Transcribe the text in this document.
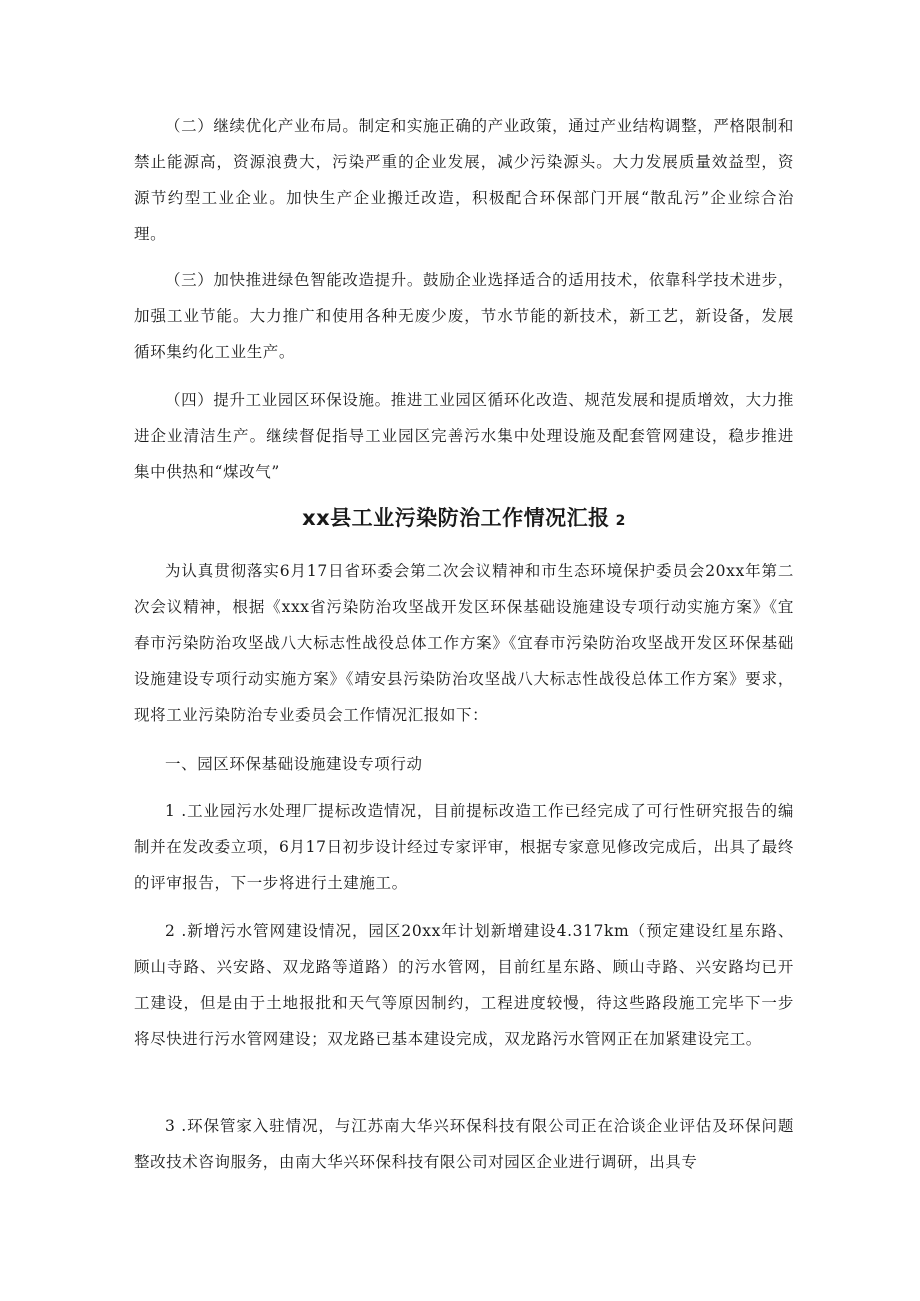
（二）继续优化产业布局。制定和实施正确的产业政策，通过产业结构调整，严格限制和禁止能源高，资源浪费大，污染严重的企业发展，减少污染源头。大力发展质量效益型，资源节约型工业企业。加快生产企业搬迁改造，积极配合环保部门开展“散乱污”企业综合治理。

（三）加快推进绿色智能改造提升。鼓励企业选择适合的适用技术，依靠科学技术进步，加强工业节能。大力推广和使用各种无废少废，节水节能的新技术，新工艺，新设备，发展循环集约化工业生产。

（四）提升工业园区环保设施。推进工业园区循环化改造、规范发展和提质增效，大力推进企业清洁生产。继续督促指导工业园区完善污水集中处理设施及配套管网建设，稳步推进集中供热和“煤改气”

xx县工业污染防治工作情况汇报 2

为认真贯彻落实6月17日省环委会第二次会议精神和市生态环境保护委员会20xx年第二次会议精神，根据《xxx省污染防治攻坚战开发区环保基础设施建设专项行动实施方案》《宜春市污染防治攻坚战八大标志性战役总体工作方案》《宜春市污染防治攻坚战开发区环保基础设施建设专项行动实施方案》《靖安县污染防治攻坚战八大标志性战役总体工作方案》要求，现将工业污染防治专业委员会工作情况汇报如下：

一、园区环保基础设施建设专项行动

1 .工业园污水处理厂提标改造情况，目前提标改造工作已经完成了可行性研究报告的编制并在发改委立项，6月17日初步设计经过专家评审，根据专家意见修改完成后，出具了最终的评审报告，下一步将进行土建施工。

2 .新增污水管网建设情况，园区20xx年计划新增建设4.317km（预定建设红星东路、顾山寺路、兴安路、双龙路等道路）的污水管网，目前红星东路、顾山寺路、兴安路均已开工建设，但是由于土地报批和天气等原因制约，工程进度较慢，待这些路段施工完毕下一步将尽快进行污水管网建设；双龙路已基本建设完成，双龙路污水管网正在加紧建设完工。

3 .环保管家入驻情况，与江苏南大华兴环保科技有限公司正在洽谈企业评估及环保问题整改技术咨询服务，由南大华兴环保科技有限公司对园区企业进行调研，出具专
